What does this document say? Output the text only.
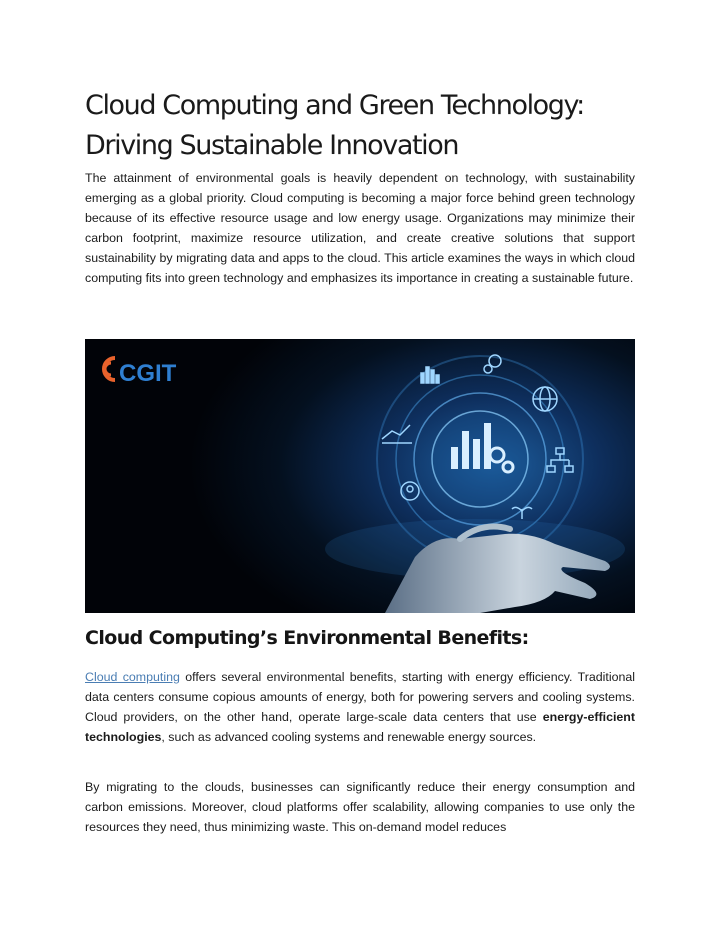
Cloud Computing and Green Technology:
Driving Sustainable Innovation

The attainment of environmental goals is heavily dependent on technology, with sustainability emerging as a global priority. Cloud computing is becoming a major force behind green technology because of its effective resource usage and low energy usage. Organizations may minimize their carbon footprint, maximize resource utilization, and create creative solutions that support sustainability by migrating data and apps to the cloud. This article examines the ways in which cloud computing fits into green technology and emphasizes its importance in creating a sustainable future.

CGIT
Cloud Computing’s Environmental Benefits:

Cloud computing offers several environmental benefits, starting with energy efficiency. Traditional data centers consume copious amounts of energy, both for powering servers and cooling systems. Cloud providers, on the other hand, operate large-scale data centers that use energy-efficient technologies, such as advanced cooling systems and renewable energy sources.

By migrating to the clouds, businesses can significantly reduce their energy consumption and carbon emissions. Moreover, cloud platforms offer scalability, allowing companies to use only the resources they need, thus minimizing waste. This on-demand model reduces
